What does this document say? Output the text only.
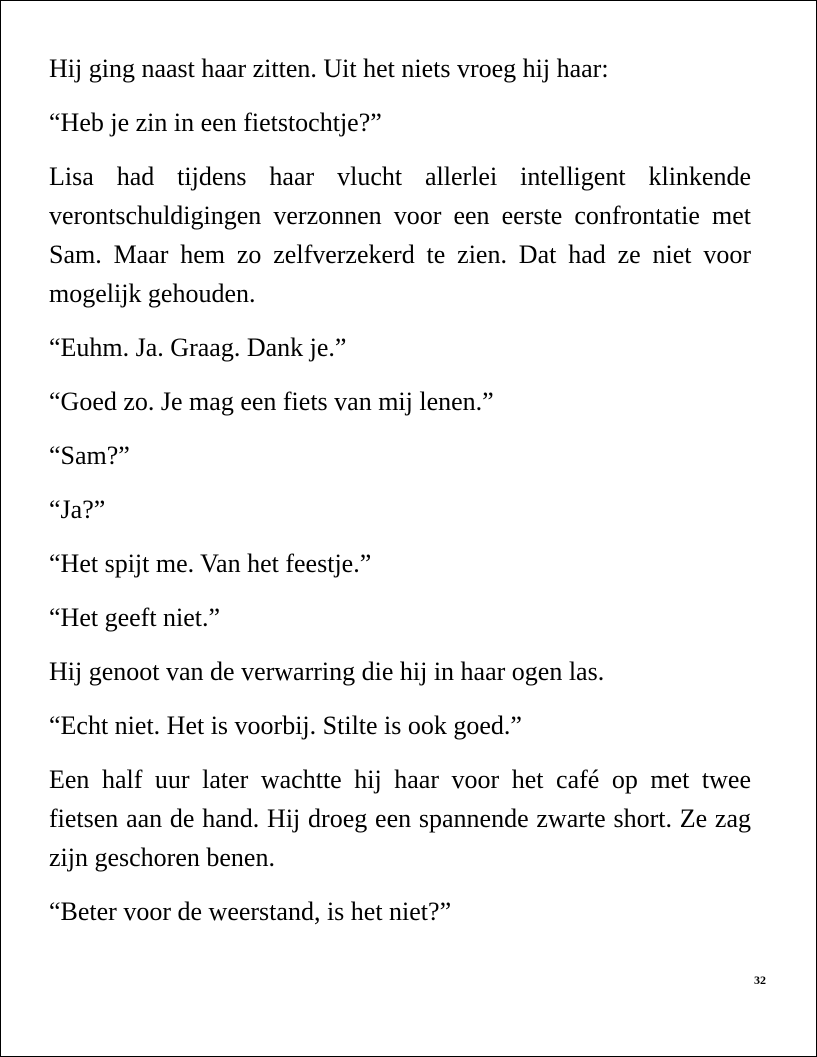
Hij ging naast haar zitten. Uit het niets vroeg hij haar:

“Heb je zin in een fietstochtje?”

Lisa had tijdens haar vlucht allerlei intelligent klinkende verontschuldigingen verzonnen voor een eerste confrontatie met Sam. Maar hem zo zelfverzekerd te zien. Dat had ze niet voor mogelijk gehouden.

“Euhm. Ja. Graag. Dank je.”

“Goed zo. Je mag een fiets van mij lenen.”

“Sam?”

“Ja?”

“Het spijt me. Van het feestje.”

“Het geeft niet.”

Hij genoot van de verwarring die hij in haar ogen las.

“Echt niet. Het is voorbij. Stilte is ook goed.”

Een half uur later wachtte hij haar voor het café op met twee fietsen aan de hand. Hij droeg een spannende zwarte short. Ze zag zijn geschoren benen.

“Beter voor de weerstand, is het niet?”

32
